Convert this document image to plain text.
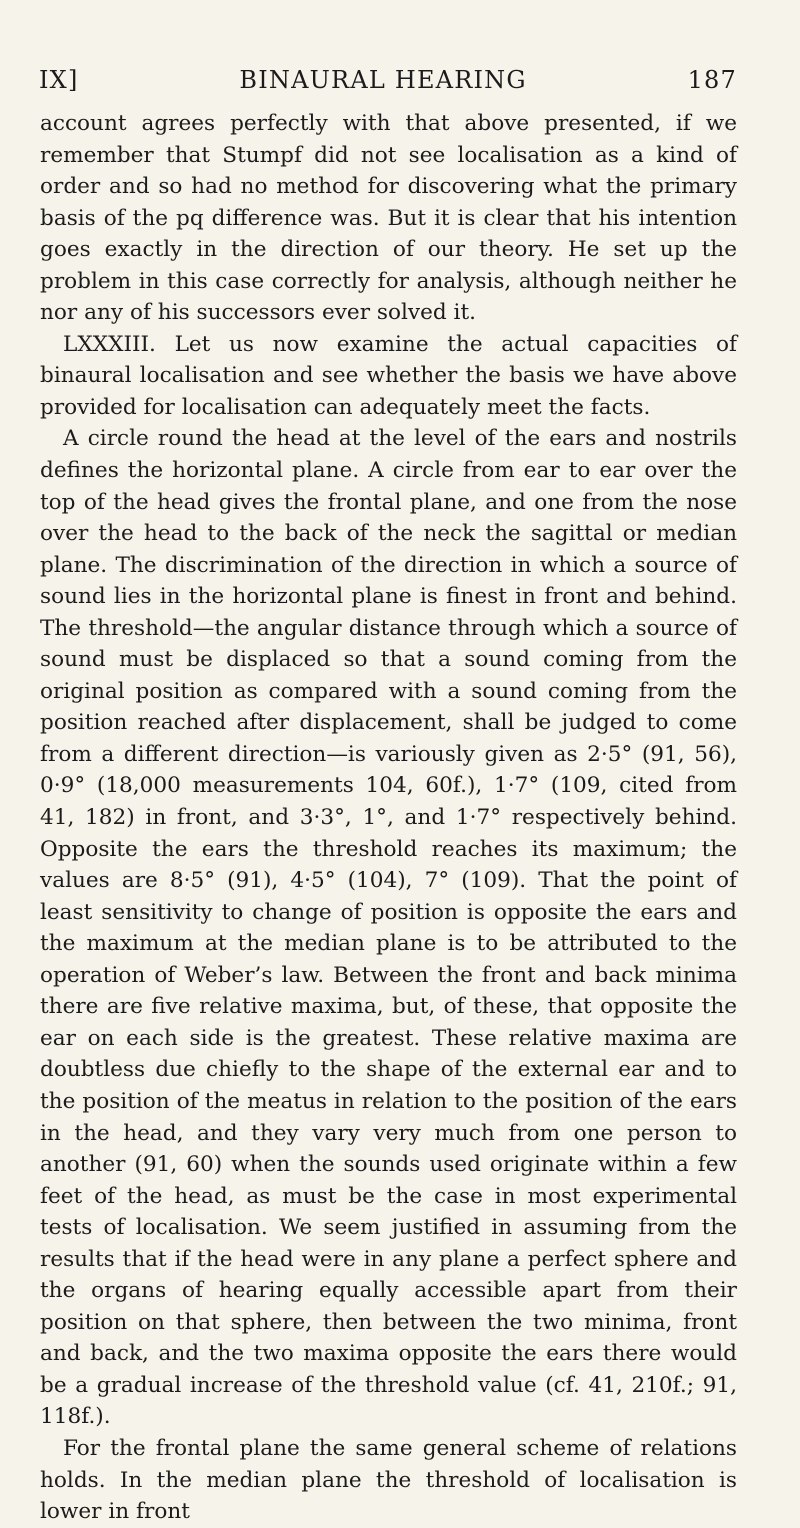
IX]	BINAURAL HEARING	187

account agrees perfectly with that above presented, if we remember that Stumpf did not see localisation as a kind of order and so had no method for discovering what the primary basis of the pq difference was. But it is clear that his intention goes exactly in the direction of our theory. He set up the problem in this case correctly for analysis, although neither he nor any of his successors ever solved it.

LXXXIII. Let us now examine the actual capacities of binaural localisation and see whether the basis we have above provided for localisation can adequately meet the facts.

A circle round the head at the level of the ears and nostrils defines the horizontal plane. A circle from ear to ear over the top of the head gives the frontal plane, and one from the nose over the head to the back of the neck the sagittal or median plane. The discrimination of the direction in which a source of sound lies in the horizontal plane is finest in front and behind. The threshold—the angular distance through which a source of sound must be displaced so that a sound coming from the original position as compared with a sound coming from the position reached after displacement, shall be judged to come from a different direction—is variously given as 2·5° (91, 56), 0·9° (18,000 measurements 104, 60f.), 1·7° (109, cited from 41, 182) in front, and 3·3°, 1°, and 1·7° respectively behind. Opposite the ears the threshold reaches its maximum; the values are 8·5° (91), 4·5° (104), 7° (109). That the point of least sensitivity to change of position is opposite the ears and the maximum at the median plane is to be attributed to the operation of Weber’s law. Between the front and back minima there are five relative maxima, but, of these, that opposite the ear on each side is the greatest. These relative maxima are doubtless due chiefly to the shape of the external ear and to the position of the meatus in relation to the position of the ears in the head, and they vary very much from one person to another (91, 60) when the sounds used originate within a few feet of the head, as must be the case in most experimental tests of localisation. We seem justified in assuming from the results that if the head were in any plane a perfect sphere and the organs of hearing equally accessible apart from their position on that sphere, then between the two minima, front and back, and the two maxima opposite the ears there would be a gradual increase of the threshold value (cf. 41, 210f.; 91, 118f.).

For the frontal plane the same general scheme of relations holds. In the median plane the threshold of localisation is lower in front
